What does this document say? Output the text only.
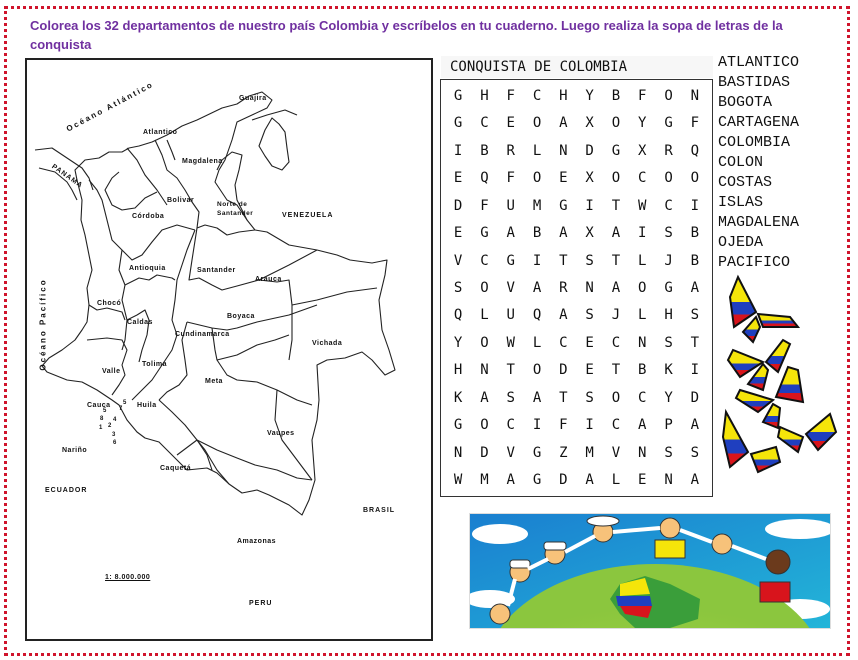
Colorea los 32 departamentos de nuestro país Colombia y escríbelos en tu cuaderno. Luego realiza la sopa de letras de la conquista
Guajira
Atlantico
Magdalena
Bolivar
Córdoba
Norte de
Santander
Antioquia	Santander
Arauca
Chocó
Caldas
Boyaca
Cundinamarca
Vichada
Valle
Tolima
Meta
Cauca	Huila
Nariño
Vaupes
Caquetá
Amazonas
5
5
7
8 4
1 2
3
6
PANAMA
VENEZUELA
ECUADOR
BRASIL
PERU
Océano Atlántico
Océano Pacífico
1: 8.000.000
CONQUISTA DE COLOMBIA
G	H	F	C	H	Y	B	F	O	N
G	C	E	O	A	X	O	Y	G	F
I	B	R	L	N	D	G	X	R	Q
E	Q	F	O	E	X	O	C	O	O
D	F	U	M	G	I	T	W	C	I
E	G	A	B	A	X	A	I	S	B
V	C	G	I	T	S	T	L	J	B
S	O	V	A	R	N	A	O	G	A
Q	L	U	Q	A	S	J	L	H	S
Y	O	W	L	C	E	C	N	S	T
H	N	T	O	D	E	T	B	K	I
K	A	S	A	T	S	O	C	Y	D
G	O	C	I	F	I	C	A	P	A
N	D	V	G	Z	M	V	N	S	S
W	M	A	G	D	A	L	E	N	A
ATLANTICO
BASTIDAS
BOGOTA
CARTAGENA
COLOMBIA
COLON
COSTAS
ISLAS
MAGDALENA
OJEDA
PACIFICO
